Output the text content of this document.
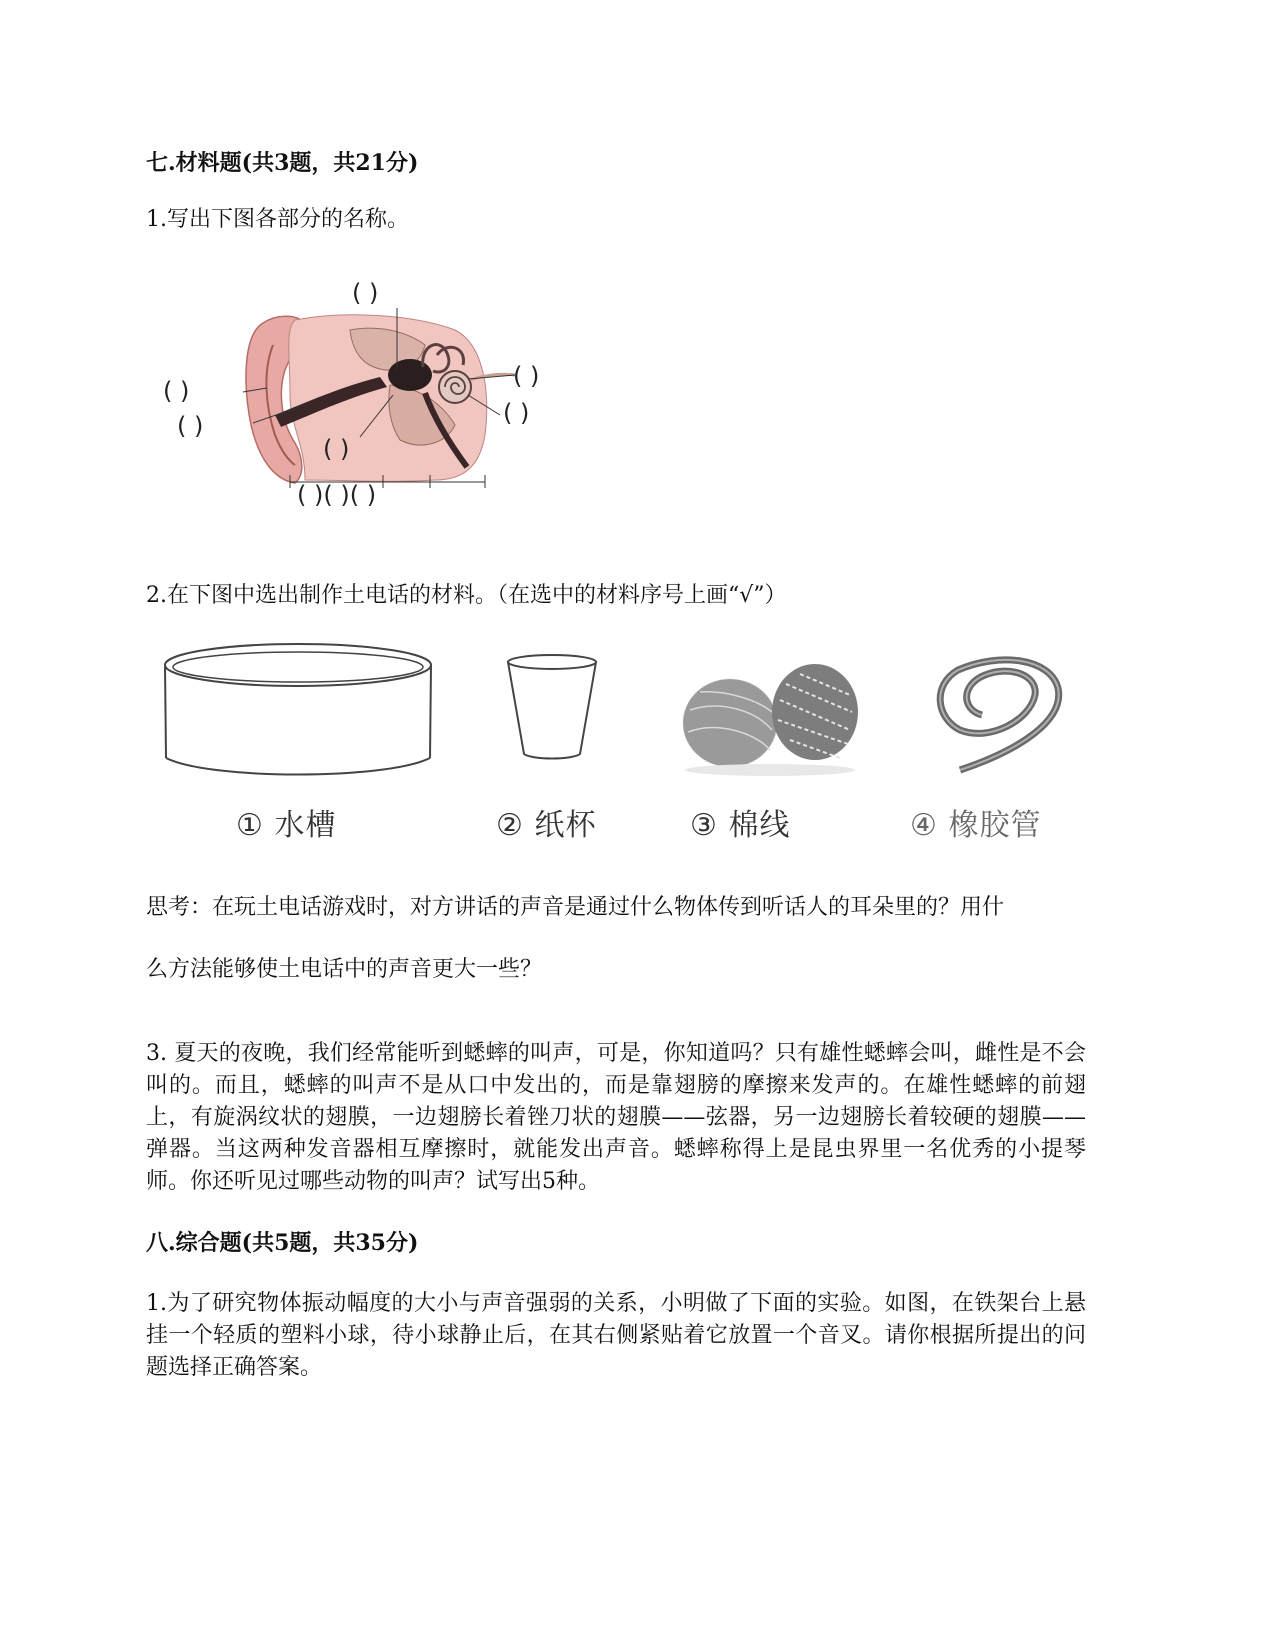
七.材料题(共3题，共21分)
1.写出下图各部分的名称。
( )
( )
( )
( )
( )
( )
( )( )( )
2.在下图中选出制作土电话的材料。（在选中的材料序号上画“√”）
① 水槽	② 纸杯	③ 棉线	④ 橡胶管
思考：在玩土电话游戏时，对方讲话的声音是通过什么物体传到听话人的耳朵里的？用什
么方法能够使土电话中的声音更大一些？
3. 夏天的夜晚，我们经常能听到蟋蟀的叫声，可是，你知道吗？只有雄性蟋蟀会叫，雌性是不会叫的。而且，蟋蟀的叫声不是从口中发出的，而是靠翅膀的摩擦来发声的。在雄性蟋蟀的前翅上，有旋涡纹状的翅膜，一边翅膀长着锉刀状的翅膜——弦器，另一边翅膀长着较硬的翅膜——弹器。当这两种发音器相互摩擦时，就能发出声音。蟋蟀称得上是昆虫界里一名优秀的小提琴师。你还听见过哪些动物的叫声？试写出5种。
八.综合题(共5题，共35分)
1.为了研究物体振动幅度的大小与声音强弱的关系，小明做了下面的实验。如图，在铁架台上悬挂一个轻质的塑料小球，待小球静止后，在其右侧紧贴着它放置一个音叉。请你根据所提出的问题选择正确答案。
